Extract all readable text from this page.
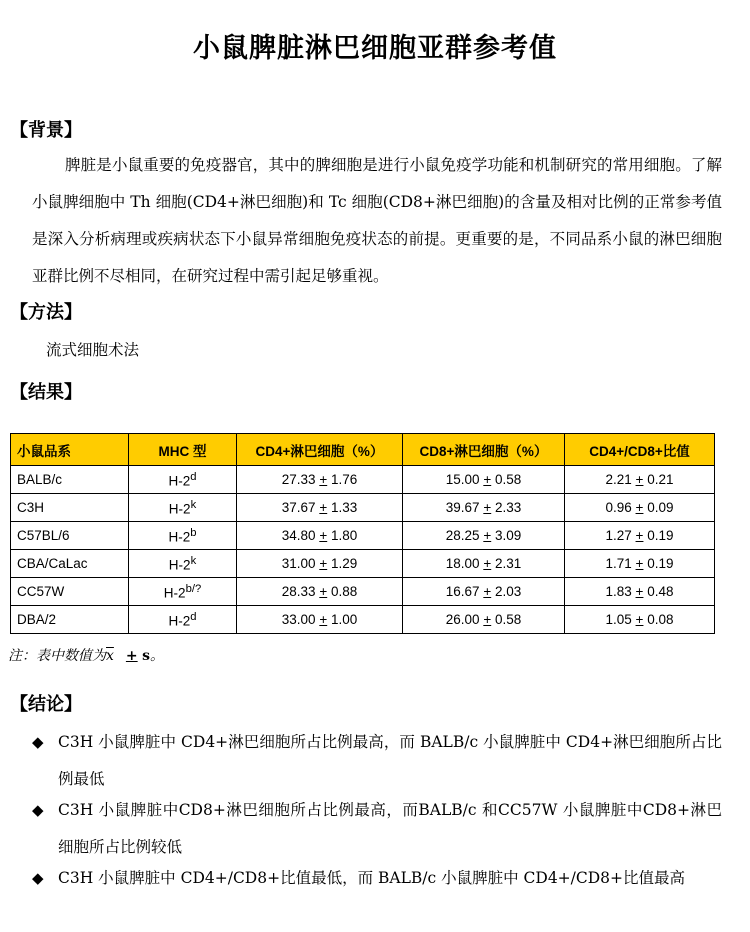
小鼠脾脏淋巴细胞亚群参考值
【背景】

脾脏是小鼠重要的免疫器官，其中的脾细胞是进行小鼠免疫学功能和机制研究的常用细胞。了解小鼠脾细胞中 Th 细胞(CD4+淋巴细胞)和 Tc 细胞(CD8+淋巴细胞)的含量及相对比例的正常参考值是深入分析病理或疾病状态下小鼠异常细胞免疫状态的前提。更重要的是，不同品系小鼠的淋巴细胞亚群比例不尽相同，在研究过程中需引起足够重视。

【方法】
流式细胞术法
【结果】
小鼠品系	MHC 型	CD4+淋巴细胞（%）	CD8+淋巴细胞（%）	CD4+/CD8+比值
BALB/c	H-2$^d$	27.33 + 1.76	15.00 + 0.58	2.21 + 0.21
C3H	H-2$^k$	37.67 + 1.33	39.67 + 2.33	0.96 + 0.09
C57BL/6	H-2$^b$	34.80 + 1.80	28.25 + 3.09	1.27 + 0.19
CBA/CaLac	H-2$^k$	31.00 + 1.29	18.00 + 2.31	1.71 + 0.19
CC57W	$H-2^{b/?}$	28.33 + 0.88	16.67 + 2.03	1.83 + 0.48
DBA/2	H-2$^d$	33.00 + 1.00	26.00 + 0.58	1.05 + 0.08
注：表中数值为$\overline{x} + s$。
【结论】
◆ C3H 小鼠脾脏中 CD4+淋巴细胞所占比例最高，而 BALB/c 小鼠脾脏中 CD4+淋巴细胞所占比例最低
◆ C3H 小鼠脾脏中CD8+淋巴细胞所占比例最高，而BALB/c 和CC57W 小鼠脾脏中CD8+淋巴细胞所占比例较低
◆ C3H 小鼠脾脏中 CD4+/CD8+比值最低，而 BALB/c 小鼠脾脏中 CD4+/CD8+比值最高
